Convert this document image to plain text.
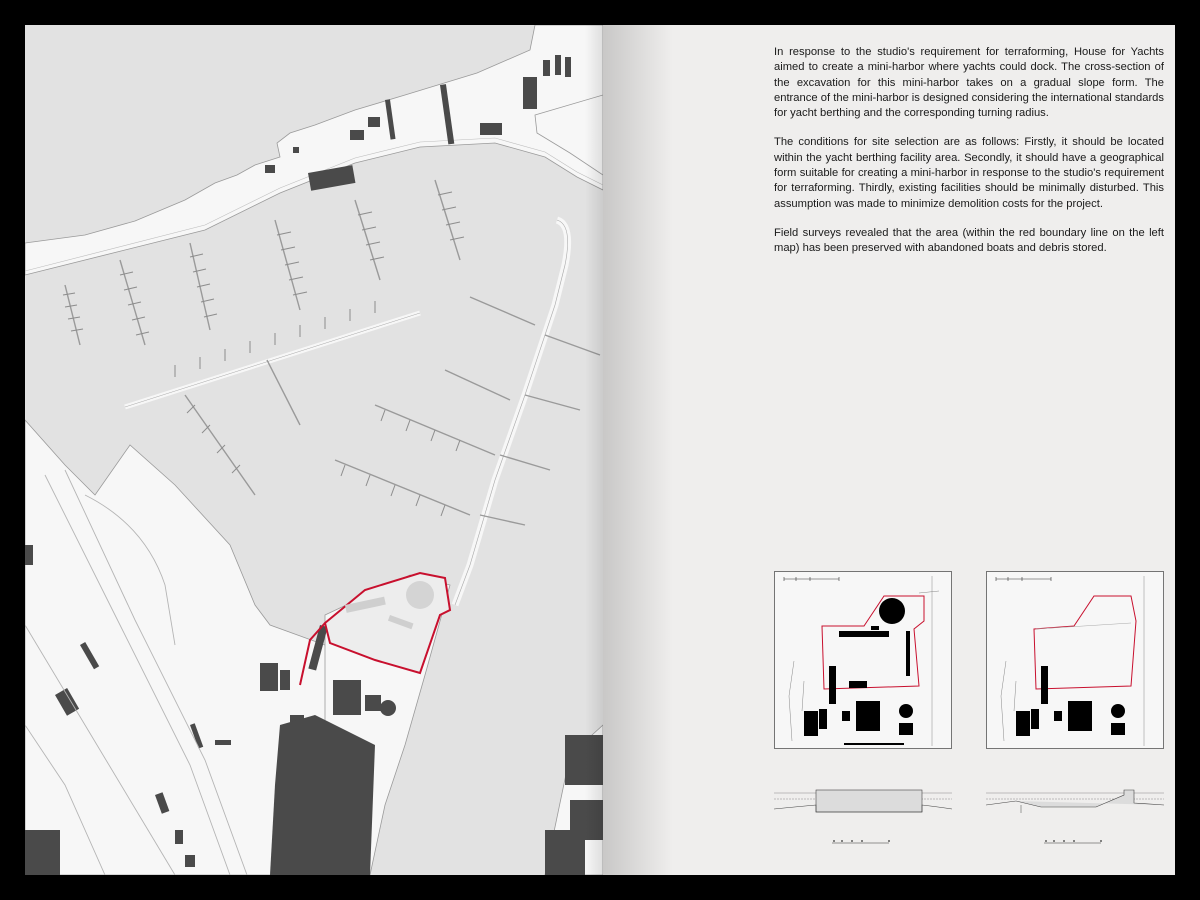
In response to the studio's requirement for terraforming, House for Yachts aimed to create a mini-harbor where yachts could dock. The cross-section of the excavation for this mini-harbor takes on a gradual slope form. The entrance of the mini-harbor is designed considering the international standards for yacht berthing and the corresponding turning radius.

The conditions for site selection are as follows: Firstly, it should be located within the yacht berthing facility area. Secondly, it should have a geographical form suitable for creating a mini-harbor in response to the studio's requirement for terraforming. Thirdly, existing facilities should be minimally disturbed. This assumption was made to minimize demolition costs for the project.

Field surveys revealed that the area (within the red boundary line on the left map) has been preserved with abandoned boats and debris stored.
